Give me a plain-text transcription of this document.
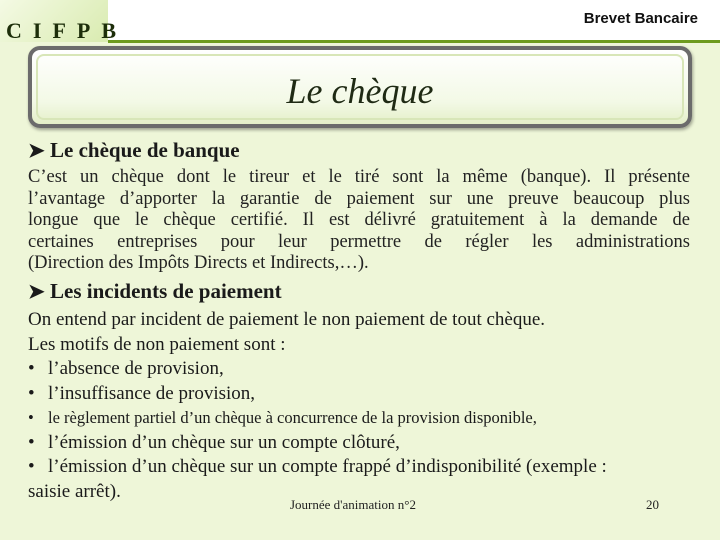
CIFPB	Brevet Bancaire
Le chèque
➤ Le chèque de banque
C’est un chèque dont le tireur et le tiré sont la même (banque). Il présente
l’avantage d’apporter la garantie de paiement sur une preuve beaucoup plus
longue que le chèque certifié. Il est délivré gratuitement à la demande de
certaines entreprises pour leur permettre de régler les administrations
(Direction des Impôts Directs et Indirects,…).
➤ Les incidents de paiement
On entend par incident de paiement le non paiement de tout chèque.
Les motifs de non paiement sont :
• l’absence de provision,
• l’insuffisance de provision,
• le règlement partiel d’un chèque à concurrence de la provision disponible,
• l’émission d’un chèque sur un compte clôturé,
• l’émission d’un chèque sur un compte frappé d’indisponibilité (exemple :
saisie arrêt).
Journée d'animation n°2	20
